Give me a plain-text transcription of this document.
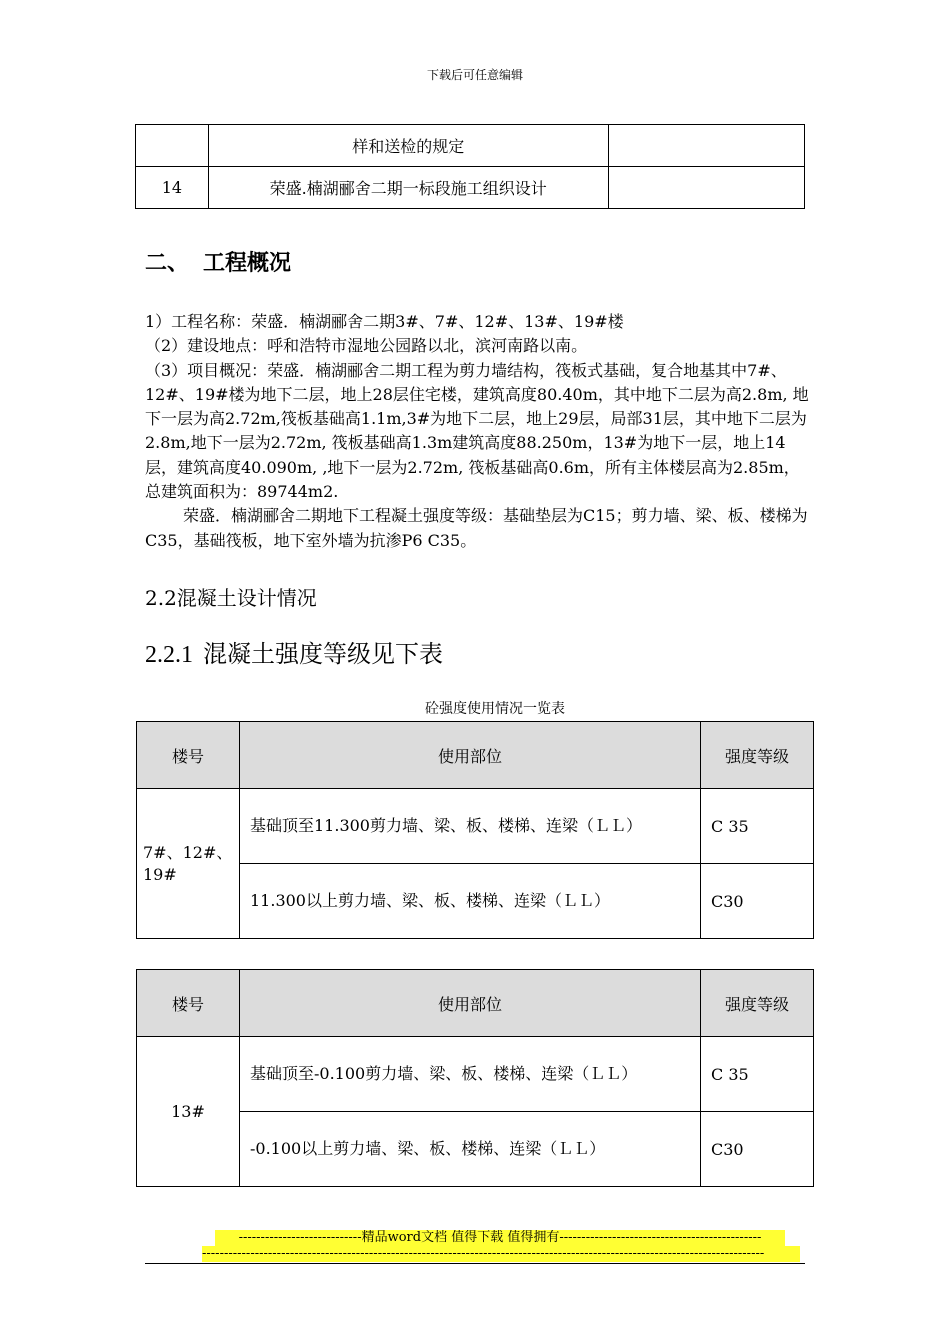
下载后可任意编辑
	样和送检的规定	
14	荣盛.楠湖郦舍二期一标段施工组织设计	
二、 工程概况

1）工程名称：荣盛．楠湖郦舍二期3#、7#、12#、13#、19#楼

（2）建设地点：呼和浩特市湿地公园路以北，滨河南路以南。

（3）项目概况：荣盛．楠湖郦舍二期工程为剪力墙结构，筏板式基础，复合地基其中7#、12#、19#楼为地下二层，地上28层住宅楼，建筑高度80.40m，其中地下二层为高2.8m, 地下一层为高2.72m,筏板基础高1.1m,3#为地下二层，地上29层，局部31层，其中地下二层为2.8m,地下一层为2.72m, 筏板基础高1.3m建筑高度88.250m，13#为地下一层，地上14层，建筑高度40.090m, ,地下一层为2.72m, 筏板基础高0.6m，所有主体楼层高为2.85m，总建筑面积为：89744m2.

荣盛．楠湖郦舍二期地下工程凝土强度等级：基础垫层为C15；剪力墙、梁、板、楼梯为C35，基础筏板，地下室外墙为抗渗P6 C35。

2.2混凝土设计情况
2.2.1 混凝土强度等级见下表
砼强度使用情况一览表
楼号	使用部位	强度等级
7#、12#、19#	基础顶至11.300剪力墙、梁、板、楼梯、连梁（ＬＬ）	C 35
	11.300以上剪力墙、梁、板、楼梯、连梁（ＬＬ）	C30
楼号	使用部位	强度等级
13#	基础顶至-0.100剪力墙、梁、板、楼梯、连梁（ＬＬ）	C 35
	-0.100以上剪力墙、梁、板、楼梯、连梁（ＬＬ）	C30
----------------------------精品word文档 值得下载 值得拥有----------------------------------------------
--------------------------------------------------------------------------------------------------------------------------------
